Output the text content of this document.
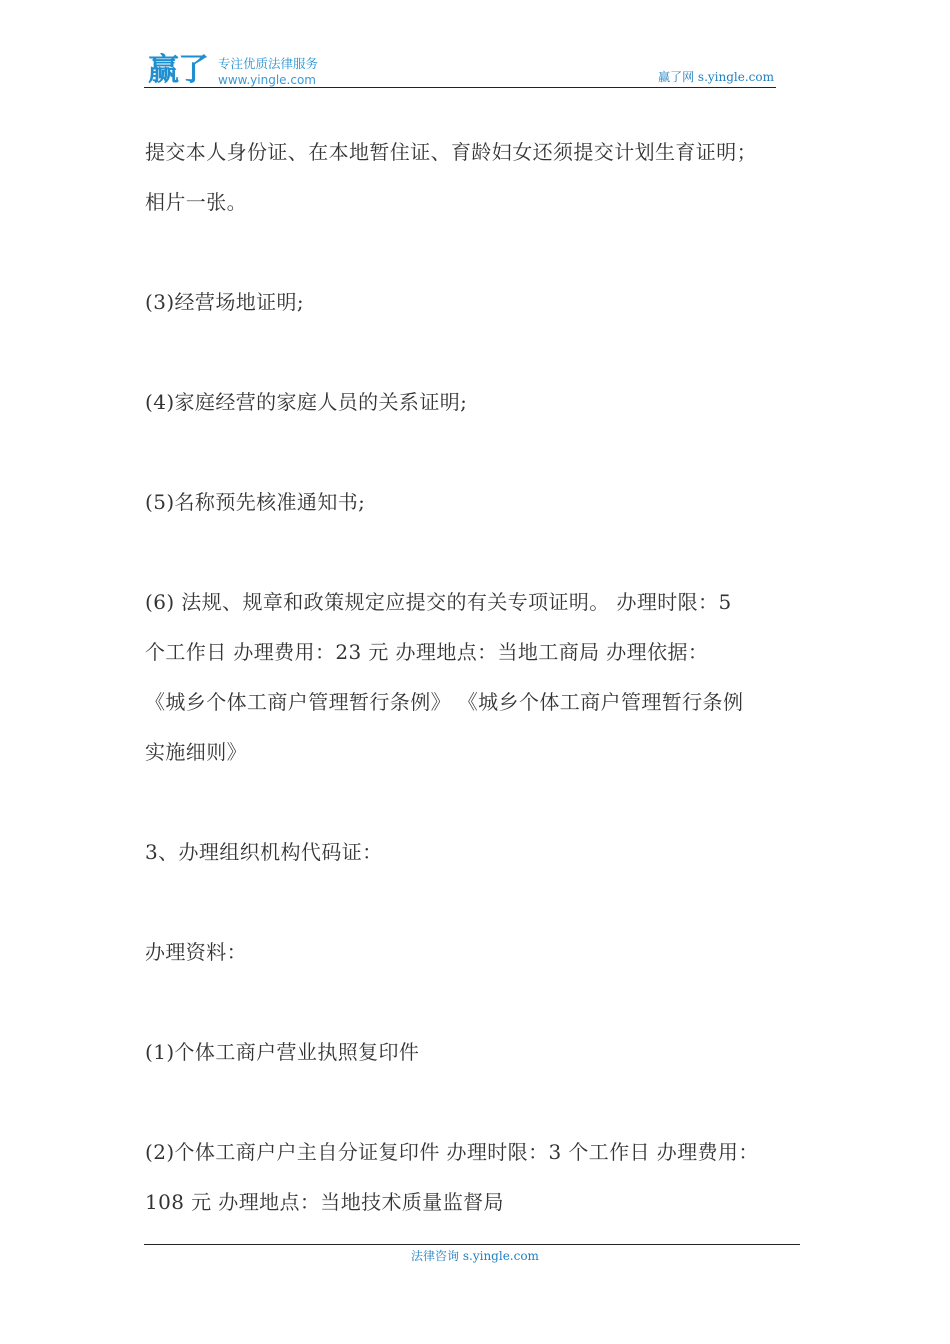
赢了 专注优质法律服务
www.yingle.com	赢了网 s.yingle.com
提交本人身份证、在本地暂住证、育龄妇女还须提交计划生育证明；
相片一张。
(3)经营场地证明;
(4)家庭经营的家庭人员的关系证明;
(5)名称预先核准通知书;
(6) 法规、规章和政策规定应提交的有关专项证明。 办理时限：5
个工作日 办理费用：23 元 办理地点：当地工商局 办理依据：
《城乡个体工商户管理暂行条例》 《城乡个体工商户管理暂行条例
实施细则》
3、办理组织机构代码证：
办理资料：
(1)个体工商户营业执照复印件
(2)个体工商户户主自分证复印件 办理时限：3 个工作日 办理费用：
108 元 办理地点：当地技术质量监督局
法律咨询 s.yingle.com
